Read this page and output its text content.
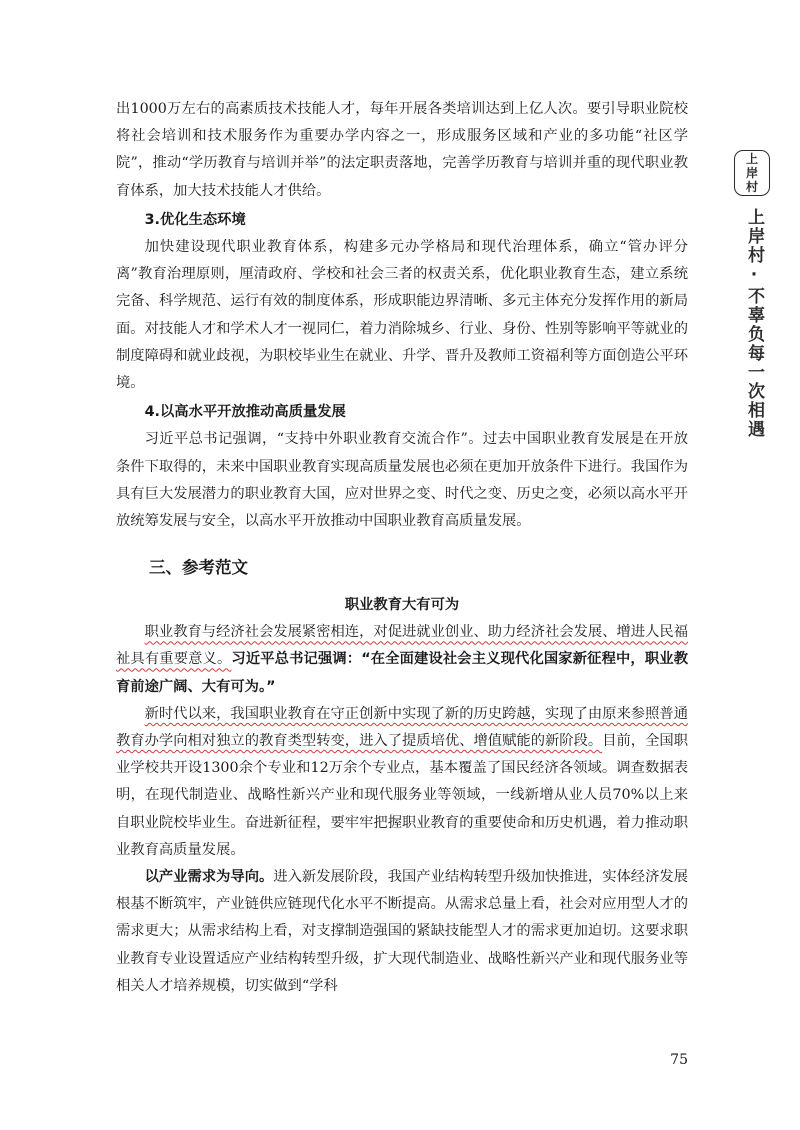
出1000万左右的高素质技术技能人才，每年开展各类培训达到上亿人次。要引导职业院校将社会培训和技术服务作为重要办学内容之一，形成服务区域和产业的多功能“社区学院”，推动“学历教育与培训并举”的法定职责落地，完善学历教育与培训并重的现代职业教育体系，加大技术技能人才供给。

3.优化生态环境

加快建设现代职业教育体系，构建多元办学格局和现代治理体系，确立“管办评分离”教育治理原则，厘清政府、学校和社会三者的权责关系，优化职业教育生态，建立系统完备、科学规范、运行有效的制度体系，形成职能边界清晰、多元主体充分发挥作用的新局面。对技能人才和学术人才一视同仁，着力消除城乡、行业、身份、性别等影响平等就业的制度障碍和就业歧视，为职校毕业生在就业、升学、晋升及教师工资福利等方面创造公平环境。

4.以高水平开放推动高质量发展

习近平总书记强调，“支持中外职业教育交流合作”。过去中国职业教育发展是在开放条件下取得的，未来中国职业教育实现高质量发展也必须在更加开放条件下进行。我国作为具有巨大发展潜力的职业教育大国，应对世界之变、时代之变、历史之变，必须以高水平开放统筹发展与安全，以高水平开放推动中国职业教育高质量发展。

三、参考范文

职业教育大有可为

职业教育与经济社会发展紧密相连，对促进就业创业、助力经济社会发展、增进人民福祉具有重要意义。习近平总书记强调：“在全面建设社会主义现代化国家新征程中，职业教育前途广阔、大有可为。”

新时代以来，我国职业教育在守正创新中实现了新的历史跨越，实现了由原来参照普通教育办学向相对独立的教育类型转变，进入了提质培优、增值赋能的新阶段。目前，全国职业学校共开设1300余个专业和12万余个专业点，基本覆盖了国民经济各领域。调查数据表明，在现代制造业、战略性新兴产业和现代服务业等领域，一线新增从业人员70%以上来自职业院校毕业生。奋进新征程，要牢牢把握职业教育的重要使命和历史机遇，着力推动职业教育高质量发展。

以产业需求为导向。进入新发展阶段，我国产业结构转型升级加快推进，实体经济发展根基不断筑牢，产业链供应链现代化水平不断提高。从需求总量上看，社会对应用型人才的需求更大；从需求结构上看，对支撑制造强国的紧缺技能型人才的需求更加迫切。这要求职业教育专业设置适应产业结构转型升级，扩大现代制造业、战略性新兴产业和现代服务业等相关人才培养规模，切实做到“学科

上岸村
上岸村·不辜负每一次相遇
75
